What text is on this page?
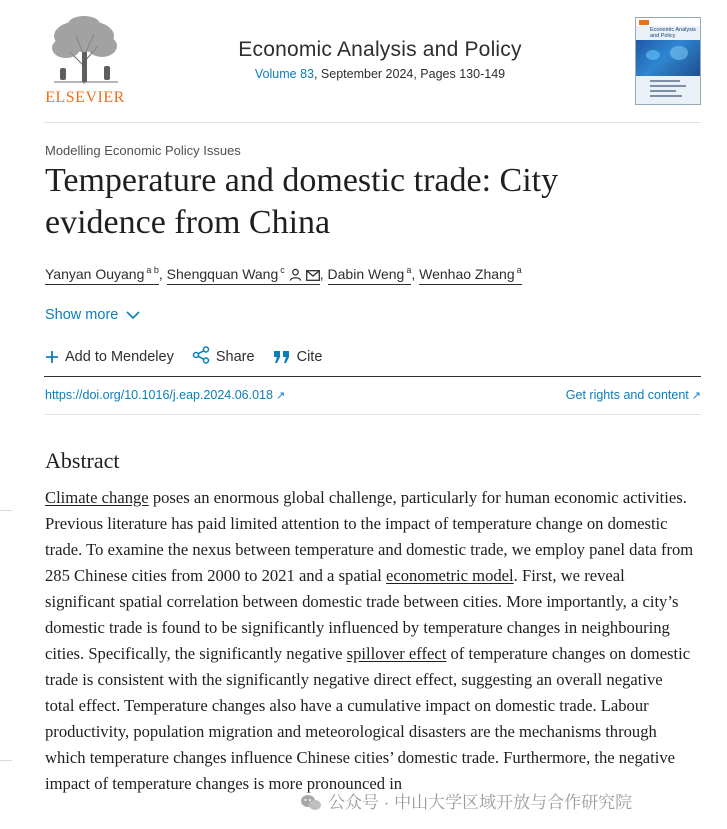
ELSEVIER
Economic Analysis and Policy
Volume 83, September 2024, Pages 130-149
Economic Analysis and Policy
Modelling Economic Policy Issues
Temperature and domestic trade: City evidence from China
Yanyan Ouyang $^{a b}$, Shengquan Wang $^c$	, Dabin Weng $^a$, Wenhao Zhang $^a$
Show more
Add to Mendeley	Share	Cite
https://doi.org/10.1016/j.eap.2024.06.018 ↗	Get rights and content ↗
Abstract
Climate change poses an enormous global challenge, particularly for human economic activities. Previous literature has paid limited attention to the impact of temperature change on domestic trade. To examine the nexus between temperature and domestic trade, we employ panel data from 285 Chinese cities from 2000 to 2021 and a spatial econometric model. First, we reveal significant spatial correlation between domestic trade between cities. More importantly, a city’s domestic trade is found to be significantly influenced by temperature changes in neighbouring cities. Specifically, the significantly negative spillover effect of temperature changes on domestic trade is consistent with the significantly negative direct effect, suggesting an overall negative total effect. Temperature changes also have a cumulative impact on domestic trade. Labour productivity, population migration and meteorological disasters are the mechanisms through which temperature changes influence Chinese cities’ domestic trade. Furthermore, the negative impact of temperature changes is more pronounced in
公众号 · 中山大学区域开放与合作研究院
